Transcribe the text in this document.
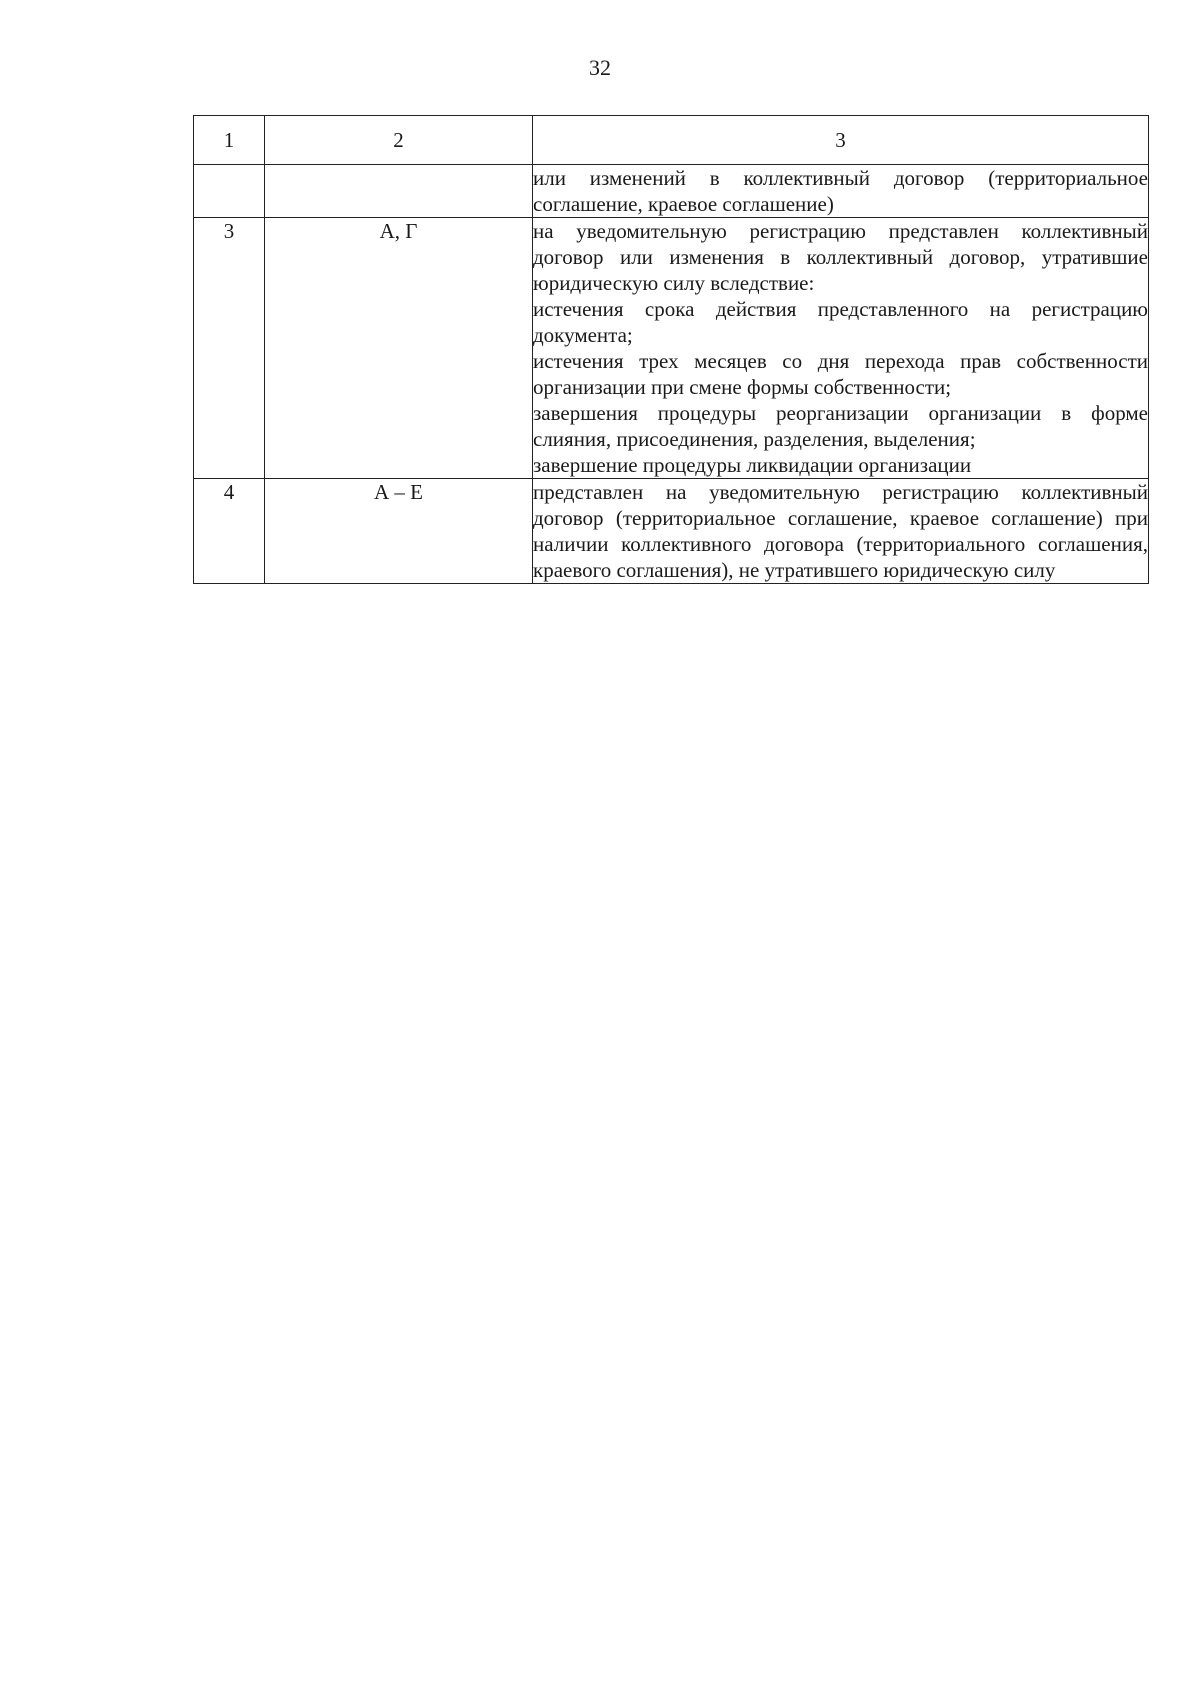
32
1	2	3

		или изменений в коллективный договор (территориальное соглашение, краевое соглашение)

3	А, Г	на уведомительную регистрацию представлен коллективный договор или изменения в коллективный договор, утратившие юридическую силу вследствие:
истечения срока действия представленного на регистрацию документа;
истечения трех месяцев со дня перехода прав собственности организации при смене формы собственности;
завершения процедуры реорганизации организации в форме слияния, присоединения, разделения, выделения;
завершение процедуры ликвидации организации

4	А – Е	представлен на уведомительную регистрацию коллективный договор (территориальное соглашение, краевое соглашение) при наличии коллективного договора (территориального соглашения, краевого соглашения), не утратившего юридическую силу
